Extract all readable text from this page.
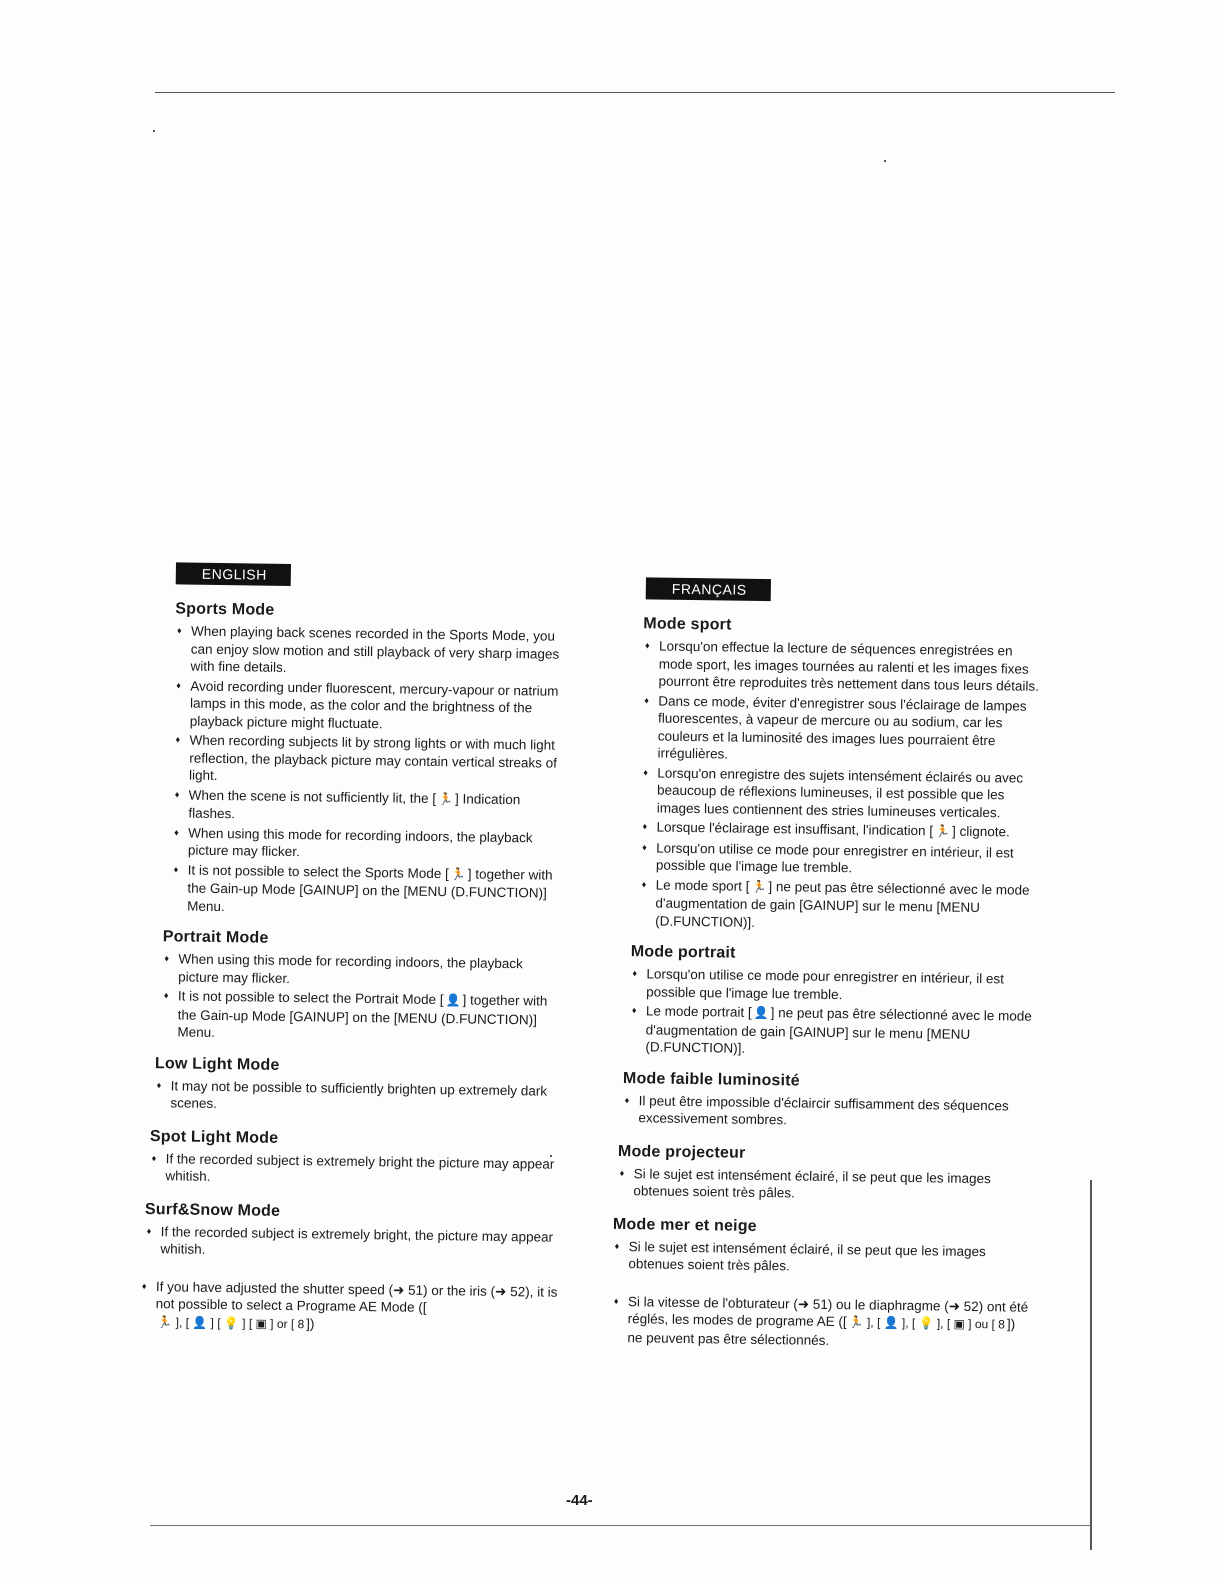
ENGLISH
Sports Mode

♦ When playing back scenes recorded in the Sports Mode, you can enjoy slow motion and still playback of very sharp images with fine details.

♦ Avoid recording under fluorescent, mercury-vapour or natrium lamps in this mode, as the color and the brightness of the playback picture might fluctuate.

♦ When recording subjects lit by strong lights or with much light reflection, the playback picture may contain vertical streaks of light.

♦ When the scene is not sufficiently lit, the [ 🏃 ] Indication flashes.

♦ When using this mode for recording indoors, the playback picture may flicker.

♦ It is not possible to select the Sports Mode [ 🏃 ] together with the Gain-up Mode [GAINUP] on the [MENU (D.FUNCTION)] Menu.

Portrait Mode

♦ When using this mode for recording indoors, the playback picture may flicker.

♦ It is not possible to select the Portrait Mode [ 👤 ] together with the Gain-up Mode [GAINUP] on the [MENU (D.FUNCTION)] Menu.

Low Light Mode

♦ It may not be possible to sufficiently brighten up extremely dark scenes.

Spot Light Mode

♦ If the recorded subject is extremely bright the picture may appear whitish.

Surf&Snow Mode

♦ If the recorded subject is extremely bright, the picture may appear whitish.

♦ If you have adjusted the shutter speed (➜ 51) or the iris (➜ 52), it is not possible to select a Programe AE Mode ([🏃 ], [ 👤 ] [ 💡 ] [ ▣ ] or [ 8 ])

FRANÇAIS
Mode sport

♦ Lorsqu'on effectue la lecture de séquences enregistrées en mode sport, les images tournées au ralenti et les images fixes pourront être reproduites très nettement dans tous leurs détails.

♦ Dans ce mode, éviter d'enregistrer sous l'éclairage de lampes fluorescentes, à vapeur de mercure ou au sodium, car les couleurs et la luminosité des images lues pourraient être irrégulières.

♦ Lorsqu'on enregistre des sujets intensément éclairés ou avec beaucoup de réflexions lumineuses, il est possible que les images lues contiennent des stries lumineuses verticales.

♦ Lorsque l'éclairage est insuffisant, l'indication [ 🏃 ] clignote.

♦ Lorsqu'on utilise ce mode pour enregistrer en intérieur, il est possible que l'image lue tremble.

♦ Le mode sport [ 🏃 ] ne peut pas être sélectionné avec le mode d'augmentation de gain [GAINUP] sur le menu [MENU (D.FUNCTION)].

Mode portrait

♦ Lorsqu'on utilise ce mode pour enregistrer en intérieur, il est possible que l'image lue tremble.

♦ Le mode portrait [ 👤 ] ne peut pas être sélectionné avec le mode d'augmentation de gain [GAINUP] sur le menu [MENU (D.FUNCTION)].

Mode faible luminosité

♦ Il peut être impossible d'éclaircir suffisamment des séquences excessivement sombres.

Mode projecteur

♦ Si le sujet est intensément éclairé, il se peut que les images obtenues soient très pâles.

Mode mer et neige

♦ Si le sujet est intensément éclairé, il se peut que les images obtenues soient très pâles.

♦ Si la vitesse de l'obturateur (➜ 51) ou le diaphragme (➜ 52) ont été réglés, les modes de programe AE ([ 🏃 ], [ 👤 ], [ 💡 ], [ ▣ ] ou [ 8 ]) ne peuvent pas être sélectionnés.

-44-
